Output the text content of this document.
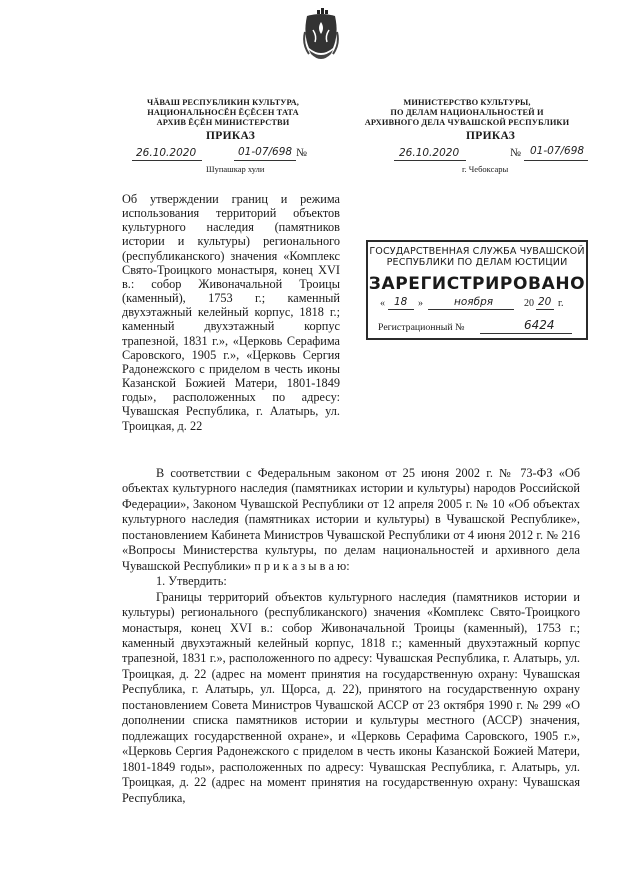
ЧĂВАШ РЕСПУБЛИКИН КУЛЬТУРА,
НАЦИОНАЛЬНОСĔН ĔÇĔСЕН ТАТА
АРХИВ ĔÇĔН МИНИСТЕРСТВИ
МИНИСТЕРСТВО КУЛЬТУРЫ,
ПО ДЕЛАМ НАЦИОНАЛЬНОСТЕЙ И
АРХИВНОГО ДЕЛА ЧУВАШСКОЙ РЕСПУБЛИКИ
ПРИКАЗ
26.10.2020	01-07/698 №
Шупашкар хули
ПРИКАЗ
26.10.2020	№ 01-07/698
г. Чебоксары
Об утверждении границ и режима использования территорий объектов культурного наследия (памятников истории и культуры) регионального (республиканского) значения «Комплекс Свято-Троицкого монастыря, конец XVI в.: собор Живоначальной Троицы (каменный), 1753 г.; каменный двухэтажный келейный корпус, 1818 г.; каменный двухэтажный корпус трапезной, 1831 г.», «Церковь Серафима Саровского, 1905 г.», «Церковь Сергия Радонежского с приделом в честь иконы Казанской Божией Матери, 1801-1849 годы», расположенных по адресу: Чувашская Республика, г. Алатырь, ул. Троицкая, д. 22
ГОСУДАРСТВЕННАЯ СЛУЖБА ЧУВАШСКОЙ
РЕСПУБЛИКИ ПО ДЕЛАМ ЮСТИЦИИ
ЗАРЕГИСТРИРОВАНО
« 18 »	ноября	20 20 г.
Регистрационный №	6424

В соответствии с Федеральным законом от 25 июня 2002 г. № 73-ФЗ «Об объектах культурного наследия (памятниках истории и культуры) народов Российской Федерации», Законом Чувашской Республики от 12 апреля 2005 г. № 10 «Об объектах культурного наследия (памятниках истории и культуры) в Чувашской Республике», постановлением Кабинета Министров Чувашской Республики от 4 июня 2012 г. № 216 «Вопросы Министерства культуры, по делам национальностей и архивного дела Чувашской Республики» п р и к а з ы в а ю:

1. Утвердить:

Границы территорий объектов культурного наследия (памятников истории и культуры) регионального (республиканского) значения «Комплекс Свято-Троицкого монастыря, конец XVI в.: собор Живоначальной Троицы (каменный), 1753 г.; каменный двухэтажный келейный корпус, 1818 г.; каменный двухэтажный корпус трапезной, 1831 г.», расположенного по адресу: Чувашская Республика, г. Алатырь, ул. Троицкая, д. 22 (адрес на момент принятия на государственную охрану: Чувашская Республика, г. Алатырь, ул. Щорса, д. 22), принятого на государственную охрану постановлением Совета Министров Чувашской АССР от 23 октября 1990 г. № 299 «О дополнении списка памятников истории и культуры местного (АССР) значения, подлежащих государственной охране», и «Церковь Серафима Саровского, 1905 г.», «Церковь Сергия Радонежского с приделом в честь иконы Казанской Божией Матери, 1801-1849 годы», расположенных по адресу: Чувашская Республика, г. Алатырь, ул. Троицкая, д. 22 (адрес на момент принятия на государственную охрану: Чувашская Республика,
